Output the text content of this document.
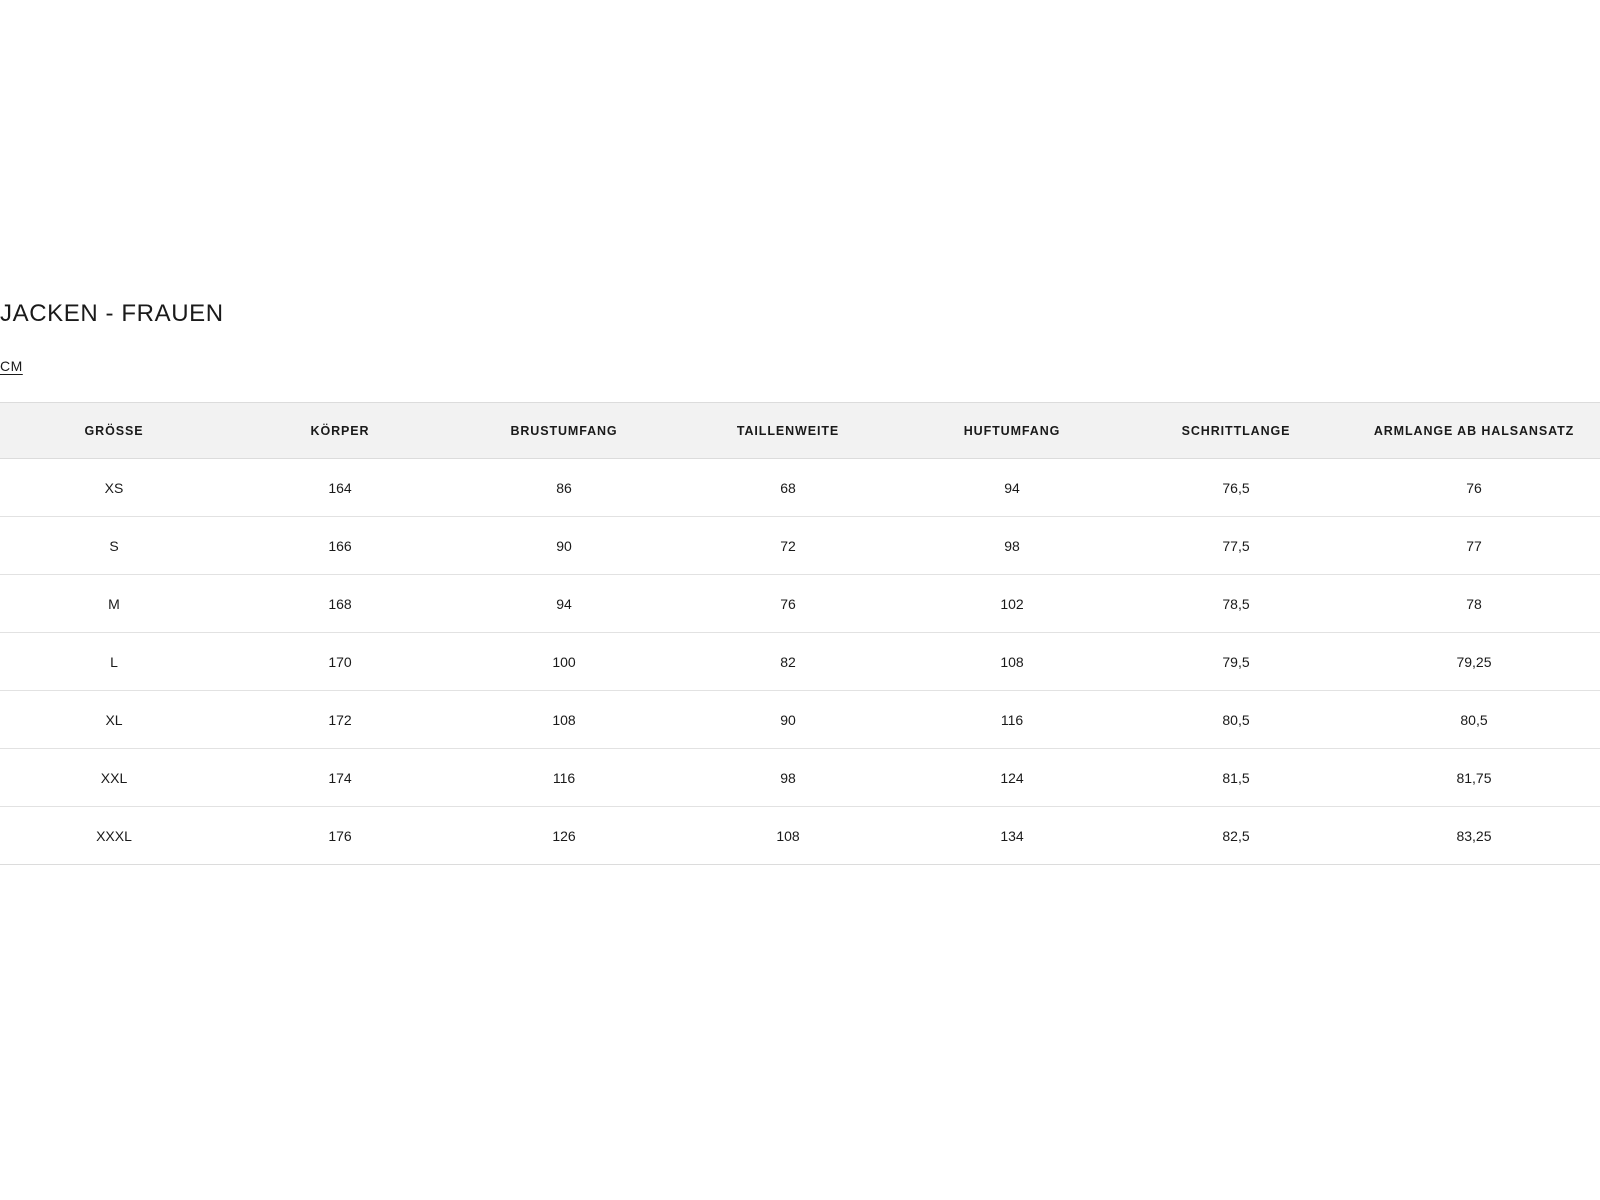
JACKEN - FRAUEN
CM
GRÖSSE	KÖRPER	BRUSTUMFANG	TAILLENWEITE	HUFTUMFANG	SCHRITTLANGE	ARMLANGE AB HALSANSATZ
XS	164	86	68	94	76,5	76
S	166	90	72	98	77,5	77
M	168	94	76	102	78,5	78
L	170	100	82	108	79,5	79,25
XL	172	108	90	116	80,5	80,5
XXL	174	116	98	124	81,5	81,75
XXXL	176	126	108	134	82,5	83,25
